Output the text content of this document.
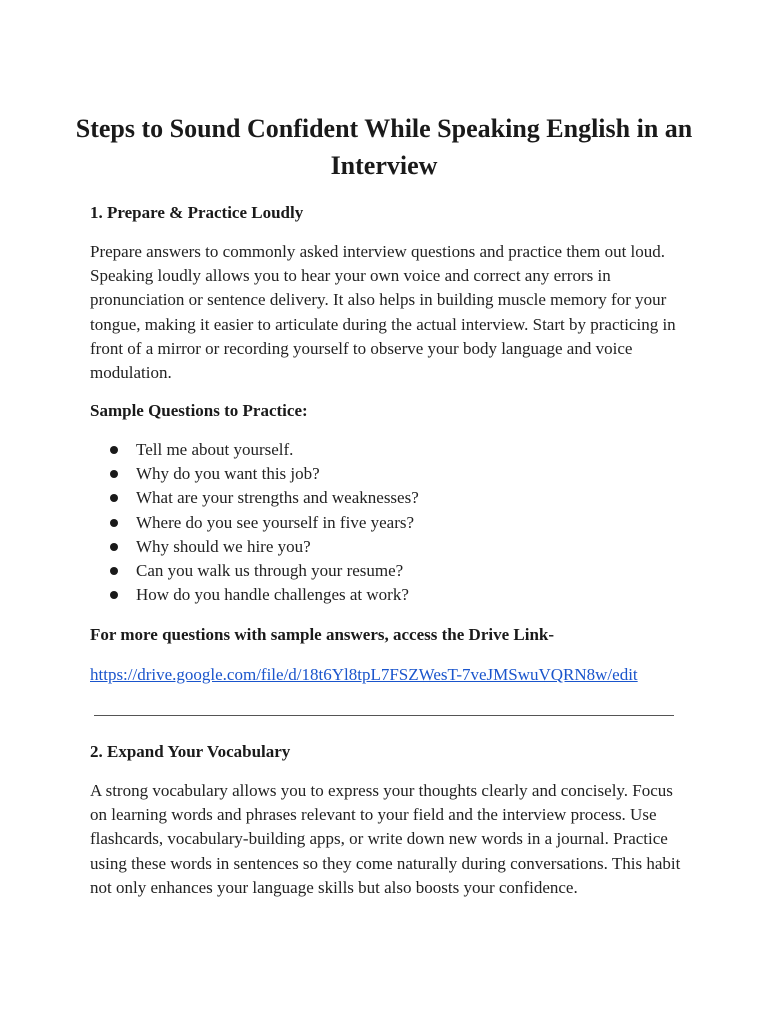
Steps to Sound Confident While Speaking English in an Interview
1. Prepare & Practice Loudly

Prepare answers to commonly asked interview questions and practice them out loud. Speaking loudly allows you to hear your own voice and correct any errors in pronunciation or sentence delivery. It also helps in building muscle memory for your tongue, making it easier to articulate during the actual interview. Start by practicing in front of a mirror or recording yourself to observe your body language and voice modulation.

Sample Questions to Practice:

Tell me about yourself.
Why do you want this job?
What are your strengths and weaknesses?
Where do you see yourself in five years?
Why should we hire you?
Can you walk us through your resume?
How do you handle challenges at work?

For more questions with sample answers, access the Drive Link-

https://drive.google.com/file/d/18t6Yl8tpL7FSZWesT-7veJMSwuVQRN8w/edit
2. Expand Your Vocabulary

A strong vocabulary allows you to express your thoughts clearly and concisely. Focus on learning words and phrases relevant to your field and the interview process. Use flashcards, vocabulary-building apps, or write down new words in a journal. Practice using these words in sentences so they come naturally during conversations. This habit not only enhances your language skills but also boosts your confidence.
